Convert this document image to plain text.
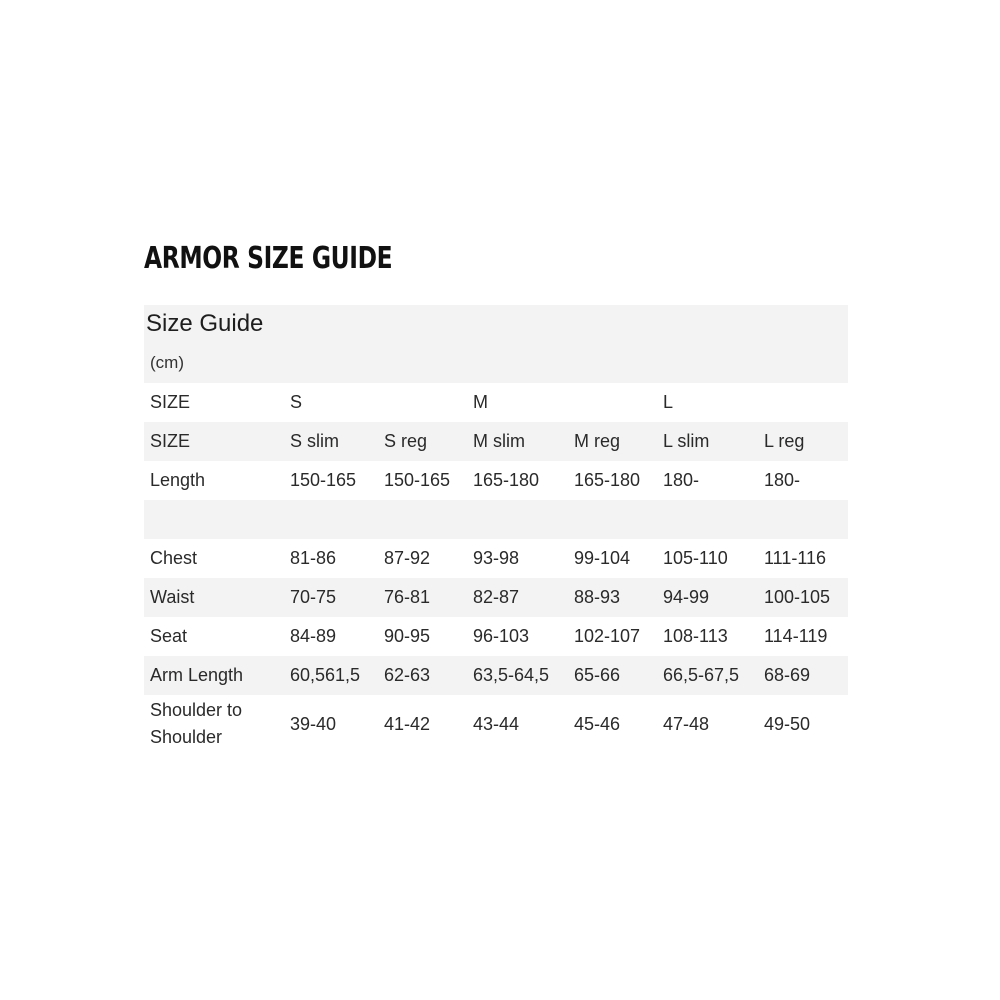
ARMOR SIZE GUIDE
Size Guide						
(cm)						
SIZE	S		M		L	
SIZE	S slim	S reg	M slim	M reg	L slim	L reg
Length	150-165	150-165	165-180	165-180	180-	180-

Chest	81-86	87-92	93-98	99-104	105-110	111-116
Waist	70-75	76-81	82-87	88-93	94-99	100-105
Seat	84-89	90-95	96-103	102-107	108-113	114-119
Arm Length	60,561,5	62-63	63,5-64,5	65-66	66,5-67,5	68-69
Shoulder to Shoulder	39-40	41-42	43-44	45-46	47-48	49-50
